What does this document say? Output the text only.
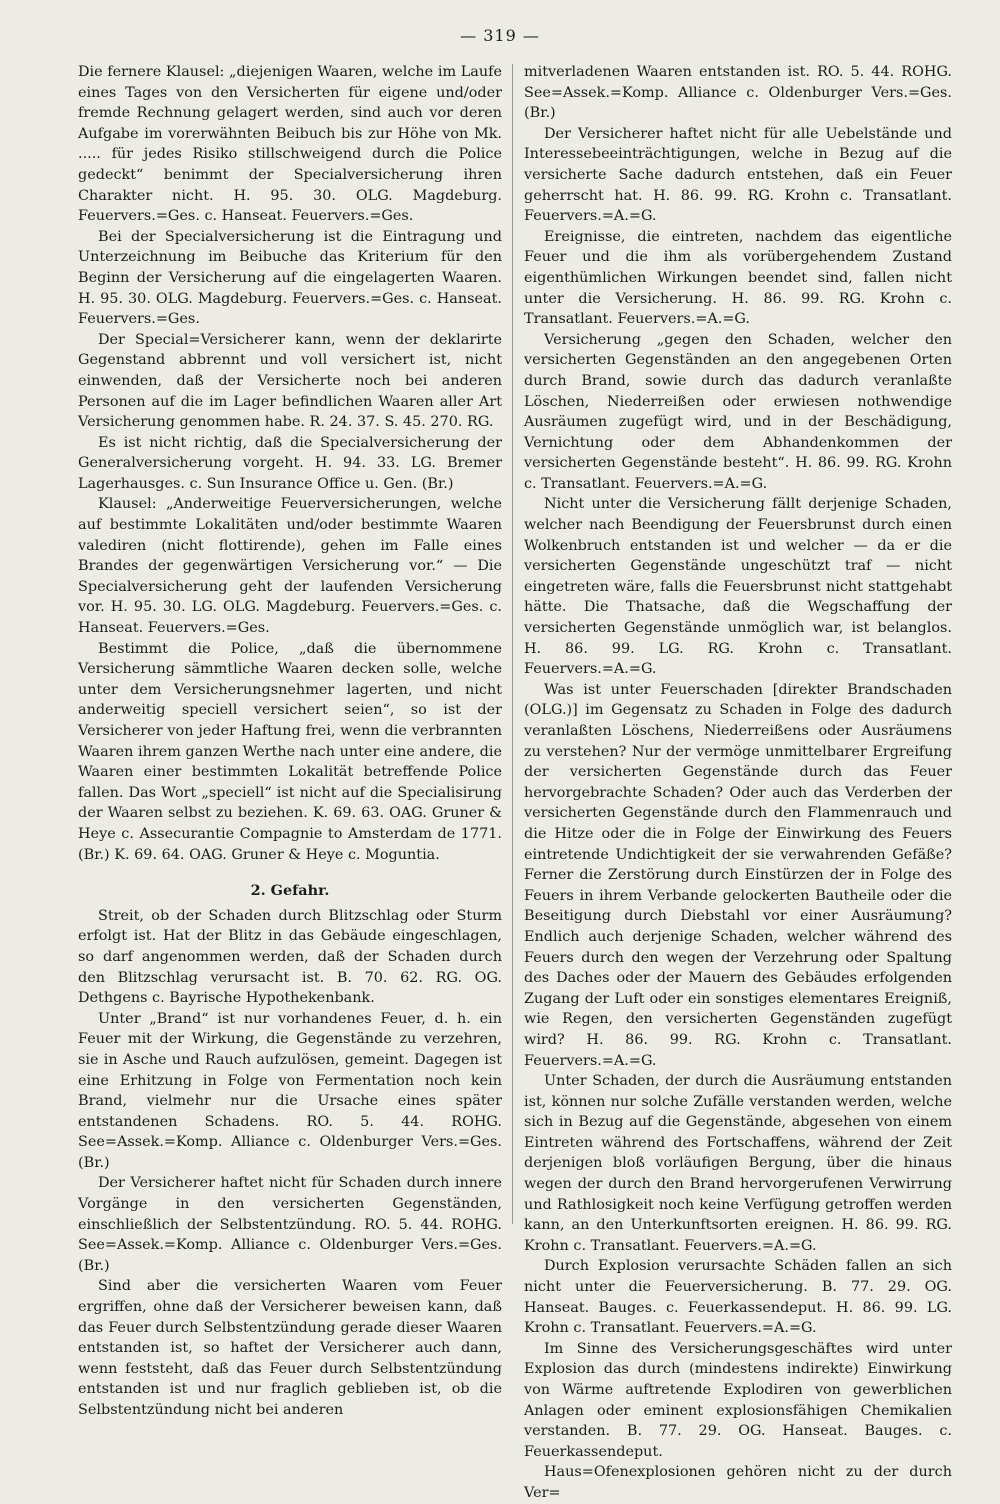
— 319 —

Die fernere Klausel: „diejenigen Waaren, welche im Laufe eines Tages von den Versicherten für eigene und/oder fremde Rechnung gelagert werden, sind auch vor deren Aufgabe im vorerwähnten Beibuch bis zur Höhe von Mk. ..... für jedes Risiko stillschweigend durch die Police gedeckt“ benimmt der Specialversicherung ihren Charakter nicht. H. 95. 30. OLG. Magdeburg. Feuervers.=Ges. c. Hanseat. Feuervers.=Ges.

Bei der Specialversicherung ist die Eintragung und Unterzeichnung im Beibuche das Kriterium für den Beginn der Versicherung auf die eingelagerten Waaren. H. 95. 30. OLG. Magdeburg. Feuervers.=Ges. c. Hanseat. Feuervers.=Ges.

Der Special=Versicherer kann, wenn der deklarirte Gegenstand abbrennt und voll versichert ist, nicht einwenden, daß der Versicherte noch bei anderen Personen auf die im Lager befindlichen Waaren aller Art Versicherung genommen habe. R. 24. 37. S. 45. 270. RG.

Es ist nicht richtig, daß die Specialversicherung der Generalversicherung vorgeht. H. 94. 33. LG. Bremer Lagerhausges. c. Sun Insurance Office u. Gen. (Br.)

Klausel: „Anderweitige Feuerversicherungen, welche auf bestimmte Lokalitäten und/oder bestimmte Waaren valediren (nicht flottirende), gehen im Falle eines Brandes der gegenwärtigen Versicherung vor.“ — Die Specialversicherung geht der laufenden Versicherung vor. H. 95. 30. LG. OLG. Magdeburg. Feuervers.=Ges. c. Hanseat. Feuervers.=Ges.

Bestimmt die Police, „daß die übernommene Versicherung sämmtliche Waaren decken solle, welche unter dem Versicherungsnehmer lagerten, und nicht anderweitig speciell versichert seien“, so ist der Versicherer von jeder Haftung frei, wenn die verbrannten Waaren ihrem ganzen Werthe nach unter eine andere, die Waaren einer bestimmten Lokalität betreffende Police fallen. Das Wort „speciell“ ist nicht auf die Specialisirung der Waaren selbst zu beziehen. K. 69. 63. OAG. Gruner & Heye c. Assecurantie Compagnie to Amsterdam de 1771. (Br.) K. 69. 64. OAG. Gruner & Heye c. Moguntia.

2. Gefahr.

Streit, ob der Schaden durch Blitzschlag oder Sturm erfolgt ist. Hat der Blitz in das Gebäude eingeschlagen, so darf angenommen werden, daß der Schaden durch den Blitzschlag verursacht ist. B. 70. 62. RG. OG. Dethgens c. Bayrische Hypothekenbank.

Unter „Brand“ ist nur vorhandenes Feuer, d. h. ein Feuer mit der Wirkung, die Gegenstände zu verzehren, sie in Asche und Rauch aufzulösen, gemeint. Dagegen ist eine Erhitzung in Folge von Fermentation noch kein Brand, vielmehr nur die Ursache eines später entstandenen Schadens. RO. 5. 44. ROHG. See=Assek.=Komp. Alliance c. Oldenburger Vers.=Ges. (Br.)

Der Versicherer haftet nicht für Schaden durch innere Vorgänge in den versicherten Gegenständen, einschließlich der Selbstentzündung. RO. 5. 44. ROHG. See=Assek.=Komp. Alliance c. Oldenburger Vers.=Ges. (Br.)

Sind aber die versicherten Waaren vom Feuer ergriffen, ohne daß der Versicherer beweisen kann, daß das Feuer durch Selbstentzündung gerade dieser Waaren entstanden ist, so haftet der Versicherer auch dann, wenn feststeht, daß das Feuer durch Selbstentzündung entstanden ist und nur fraglich geblieben ist, ob die Selbstentzündung nicht bei anderen

mitverladenen Waaren entstanden ist. RO. 5. 44. ROHG. See=Assek.=Komp. Alliance c. Oldenburger Vers.=Ges. (Br.)

Der Versicherer haftet nicht für alle Uebelstände und Interessebeeinträchtigungen, welche in Bezug auf die versicherte Sache dadurch entstehen, daß ein Feuer geherrscht hat. H. 86. 99. RG. Krohn c. Transatlant. Feuervers.=A.=G.

Ereignisse, die eintreten, nachdem das eigentliche Feuer und die ihm als vorübergehendem Zustand eigenthümlichen Wirkungen beendet sind, fallen nicht unter die Versicherung. H. 86. 99. RG. Krohn c. Transatlant. Feuervers.=A.=G.

Versicherung „gegen den Schaden, welcher den versicherten Gegenständen an den angegebenen Orten durch Brand, sowie durch das dadurch veranlaßte Löschen, Niederreißen oder erwiesen nothwendige Ausräumen zugefügt wird, und in der Beschädigung, Vernichtung oder dem Abhandenkommen der versicherten Gegenstände besteht“. H. 86. 99. RG. Krohn c. Transatlant. Feuervers.=A.=G.

Nicht unter die Versicherung fällt derjenige Schaden, welcher nach Beendigung der Feuersbrunst durch einen Wolkenbruch entstanden ist und welcher — da er die versicherten Gegenstände ungeschützt traf — nicht eingetreten wäre, falls die Feuersbrunst nicht stattgehabt hätte. Die Thatsache, daß die Wegschaffung der versicherten Gegenstände unmöglich war, ist belanglos. H. 86. 99. LG. RG. Krohn c. Transatlant. Feuervers.=A.=G.

Was ist unter Feuerschaden [direkter Brandschaden (OLG.)] im Gegensatz zu Schaden in Folge des dadurch veranlaßten Löschens, Niederreißens oder Ausräumens zu verstehen? Nur der vermöge unmittelbarer Ergreifung der versicherten Gegenstände durch das Feuer hervorgebrachte Schaden? Oder auch das Verderben der versicherten Gegenstände durch den Flammenrauch und die Hitze oder die in Folge der Einwirkung des Feuers eintretende Undichtigkeit der sie verwahrenden Gefäße? Ferner die Zerstörung durch Einstürzen der in Folge des Feuers in ihrem Verbande gelockerten Bautheile oder die Beseitigung durch Diebstahl vor einer Ausräumung? Endlich auch derjenige Schaden, welcher während des Feuers durch den wegen der Verzehrung oder Spaltung des Daches oder der Mauern des Gebäudes erfolgenden Zugang der Luft oder ein sonstiges elementares Ereigniß, wie Regen, den versicherten Gegenständen zugefügt wird? H. 86. 99. RG. Krohn c. Transatlant. Feuervers.=A.=G.

Unter Schaden, der durch die Ausräumung entstanden ist, können nur solche Zufälle verstanden werden, welche sich in Bezug auf die Gegenstände, abgesehen von einem Eintreten während des Fortschaffens, während der Zeit derjenigen bloß vorläufigen Bergung, über die hinaus wegen der durch den Brand hervorgerufenen Verwirrung und Rathlosigkeit noch keine Verfügung getroffen werden kann, an den Unterkunftsorten ereignen. H. 86. 99. RG. Krohn c. Transatlant. Feuervers.=A.=G.

Durch Explosion verursachte Schäden fallen an sich nicht unter die Feuerversicherung. B. 77. 29. OG. Hanseat. Bauges. c. Feuerkassendeput. H. 86. 99. LG. Krohn c. Transatlant. Feuervers.=A.=G.

Im Sinne des Versicherungsgeschäftes wird unter Explosion das durch (mindestens indirekte) Einwirkung von Wärme auftretende Explodiren von gewerblichen Anlagen oder eminent explosionsfähigen Chemikalien verstanden. B. 77. 29. OG. Hanseat. Bauges. c. Feuerkassendeput.

Haus=Ofenexplosionen gehören nicht zu der durch Ver=
